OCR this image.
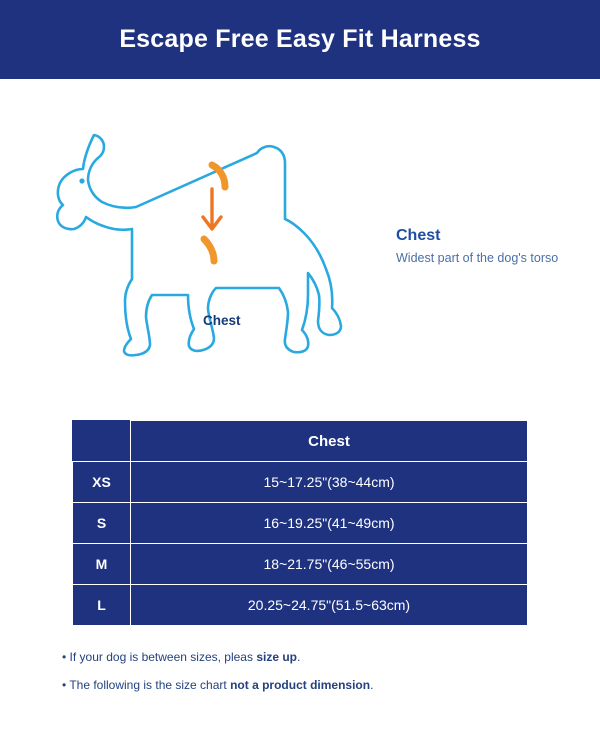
Escape Free Easy Fit Harness
Chest
Chest
Widest part of the dog's torso
	Chest
XS	15~17.25"(38~44cm)
S	16~19.25"(41~49cm)
M	18~21.75"(46~55cm)
L	20.25~24.75"(51.5~63cm)
• If your dog is between sizes, pleas size up.
• The following is the size chart not a product dimension.
